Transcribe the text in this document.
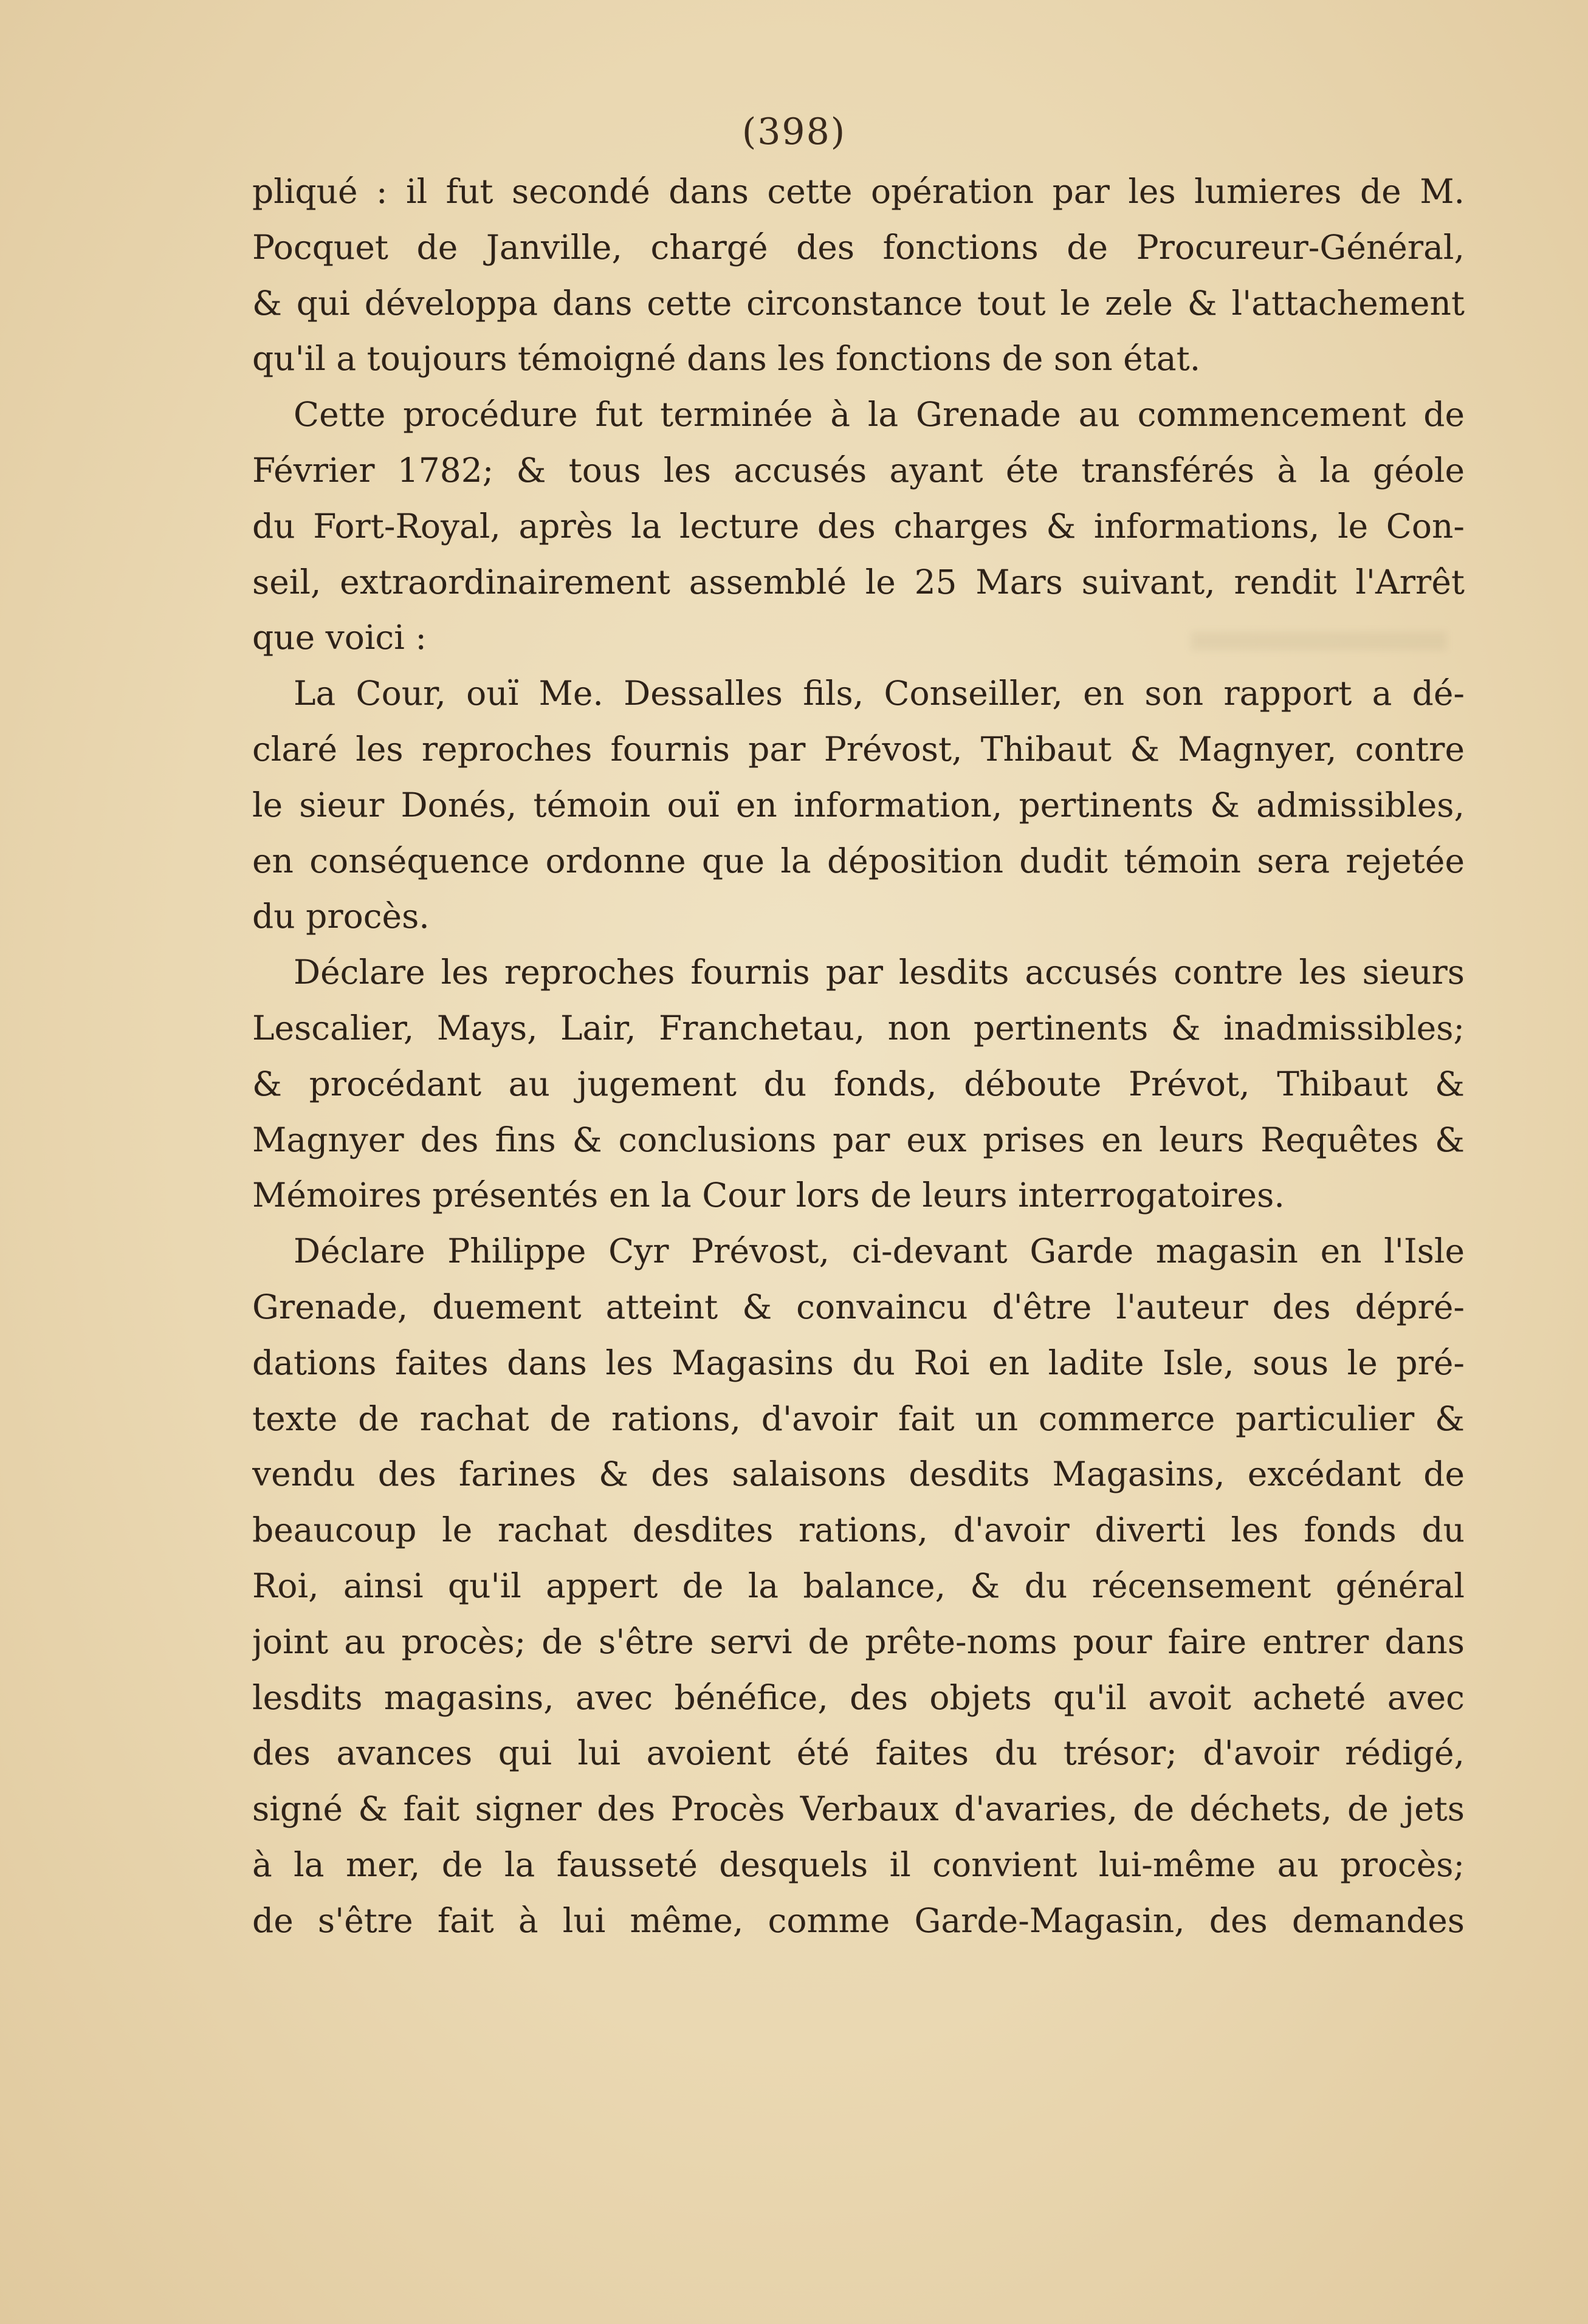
(398)
pliqué : il fut secondé dans cette opération par les lumieres de M.
Pocquet de Janville, chargé des fonctions de Procureur-Général,
& qui développa dans cette circonstance tout le zele & l'attachement
qu'il a toujours témoigné dans les fonctions de son état.
Cette procédure fut terminée à la Grenade au commencement de
Février 1782; & tous les accusés ayant éte transférés à la géole
du Fort-Royal, après la lecture des charges & informations, le Con-
seil, extraordinairement assemblé le 25 Mars suivant, rendit l'Arrêt
que voici :
La Cour, ouï Me. Dessalles fils, Conseiller, en son rapport a dé-
claré les reproches fournis par Prévost, Thibaut & Magnyer, contre
le sieur Donés, témoin ouï en information, pertinents & admissibles,
en conséquence ordonne que la déposition dudit témoin sera rejetée
du procès.
Déclare les reproches fournis par lesdits accusés contre les sieurs
Lescalier, Mays, Lair, Franchetau, non pertinents & inadmissibles;
& procédant au jugement du fonds, déboute Prévot, Thibaut &
Magnyer des fins & conclusions par eux prises en leurs Requêtes &
Mémoires présentés en la Cour lors de leurs interrogatoires.
Déclare Philippe Cyr Prévost, ci-devant Garde magasin en l'Isle
Grenade, duement atteint & convaincu d'être l'auteur des dépré-
dations faites dans les Magasins du Roi en ladite Isle, sous le pré-
texte de rachat de rations, d'avoir fait un commerce particulier &
vendu des farines & des salaisons desdits Magasins, excédant de
beaucoup le rachat desdites rations, d'avoir diverti les fonds du
Roi, ainsi qu'il appert de la balance, & du récensement général
joint au procès; de s'être servi de prête-noms pour faire entrer dans
lesdits magasins, avec bénéfice, des objets qu'il avoit acheté avec
des avances qui lui avoient été faites du trésor; d'avoir rédigé,
signé & fait signer des Procès Verbaux d'avaries, de déchets, de jets
à la mer, de la fausseté desquels il convient lui-même au procès;
de s'être fait à lui même, comme Garde-Magasin, des demandes
